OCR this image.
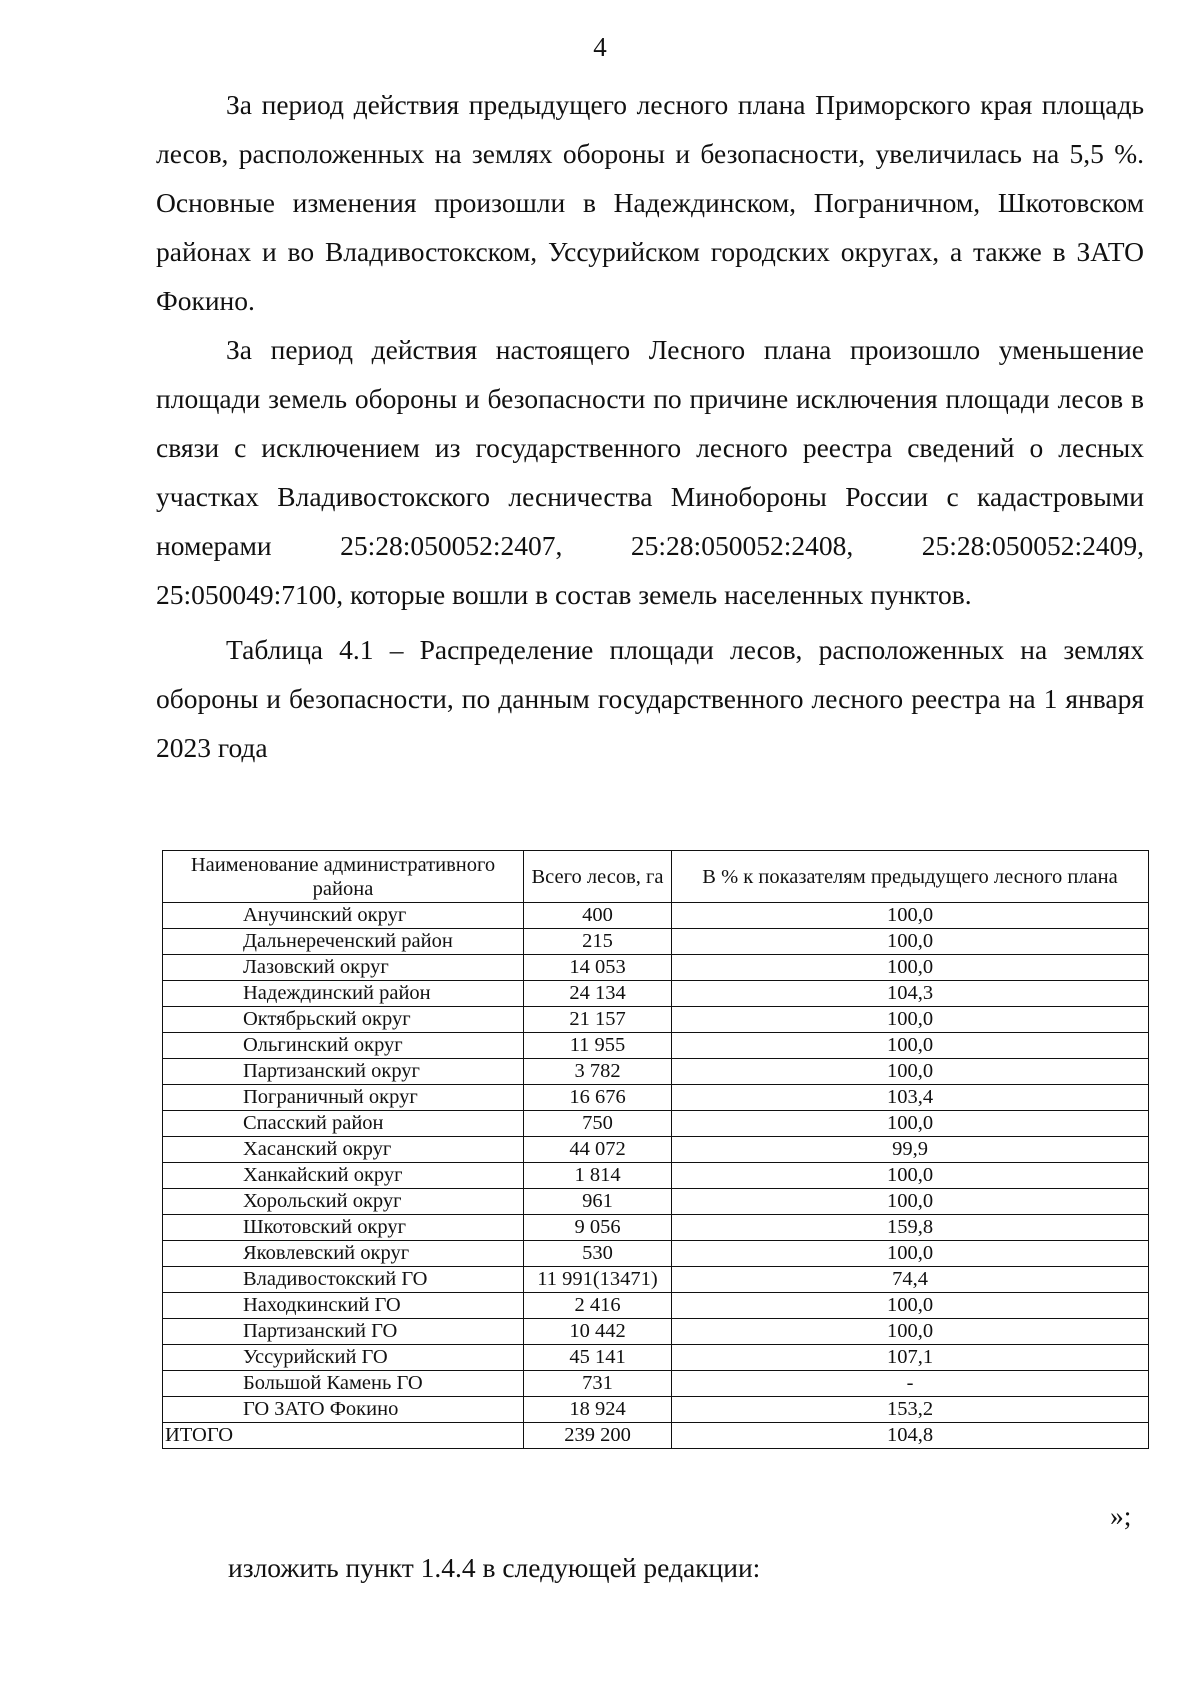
4

За период действия предыдущего лесного плана Приморского края площадь лесов, расположенных на землях обороны и безопасности, увеличилась на 5,5 %. Основные изменения произошли в Надеждинском, Пограничном, Шкотовском районах и во Владивостокском, Уссурийском городских округах, а также в ЗАТО Фокино.

За период действия настоящего Лесного плана произошло уменьшение площади земель обороны и безопасности по причине исключения площади лесов в связи с исключением из государственного лесного реестра сведений о лесных участках Владивостокского лесничества Минобороны России с кадастровыми номерами 25:28:050052:2407, 25:28:050052:2408, 25:28:050052:2409, 25:050049:7100, которые вошли в состав земель населенных пунктов.

Таблица 4.1 – Распределение площади лесов, расположенных на землях обороны и безопасности, по данным государственного лесного реестра на 1 января 2023 года

Наименование административного района	Всего лесов, га	В % к показателям предыдущего лесного плана
Анучинский округ	400	100,0
Дальнереченский район	215	100,0
Лазовский округ	14 053	100,0
Надеждинский район	24 134	104,3
Октябрьский округ	21 157	100,0
Ольгинский округ	11 955	100,0
Партизанский округ	3 782	100,0
Пограничный округ	16 676	103,4
Спасский район	750	100,0
Хасанский округ	44 072	99,9
Ханкайский округ	1 814	100,0
Хорольский округ	961	100,0
Шкотовский округ	9 056	159,8
Яковлевский округ	530	100,0
Владивостокский ГО	11 991(13471)	74,4
Находкинский ГО	2 416	100,0
Партизанский ГО	10 442	100,0
Уссурийский ГО	45 141	107,1
Большой Камень ГО	731	-
ГО ЗАТО Фокино	18 924	153,2
ИТОГО	239 200	104,8
»;
изложить пункт 1.4.4 в следующей редакции:
